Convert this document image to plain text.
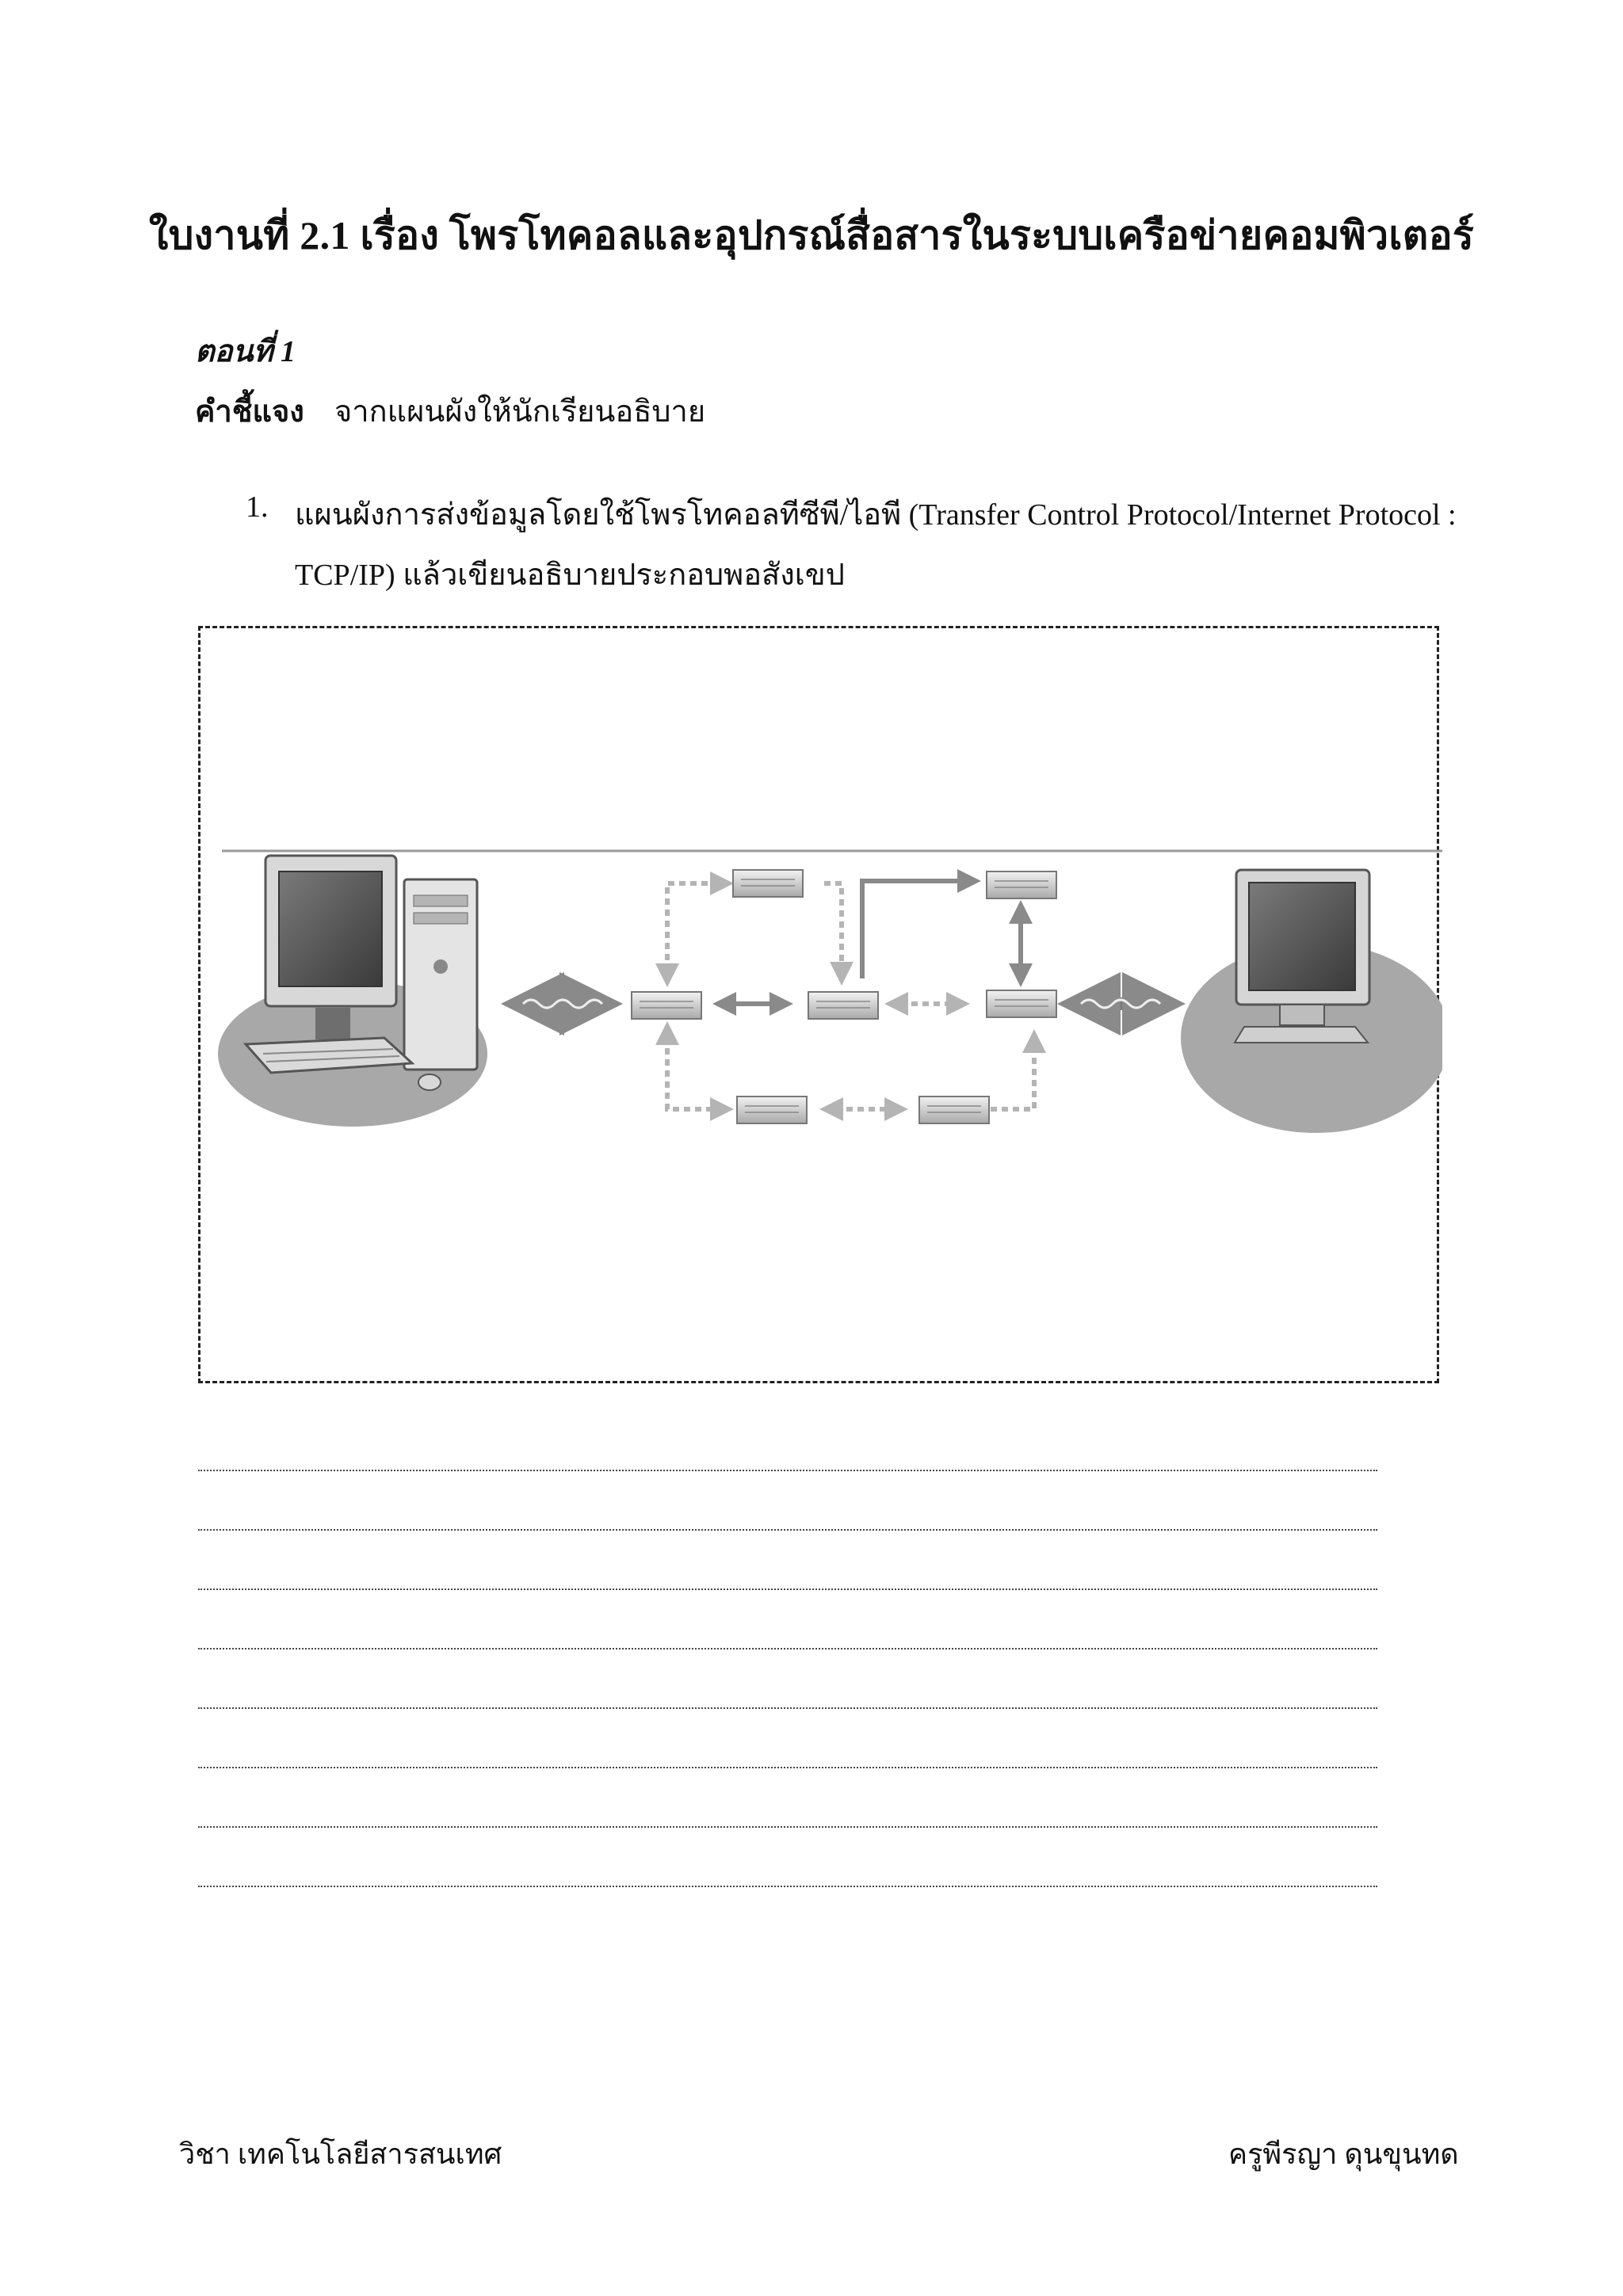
ใบงานที่ 2.1 เรื่อง โพรโทคอลและอุปกรณ์สื่อสารในระบบเครือข่ายคอมพิวเตอร์
ตอนที่ 1
คำชี้แจง จากแผนผังให้นักเรียนอธิบาย
1. แผนผังการส่งข้อมูลโดยใช้โพรโทคอลทีซีพี/ไอพี (Transfer Control Protocol/Internet Protocol :
TCP/IP) แล้วเขียนอธิบายประกอบพอสังเขป
วิชา เทคโนโลยีสารสนเทศ	ครูพีรญา ดุนขุนทด
